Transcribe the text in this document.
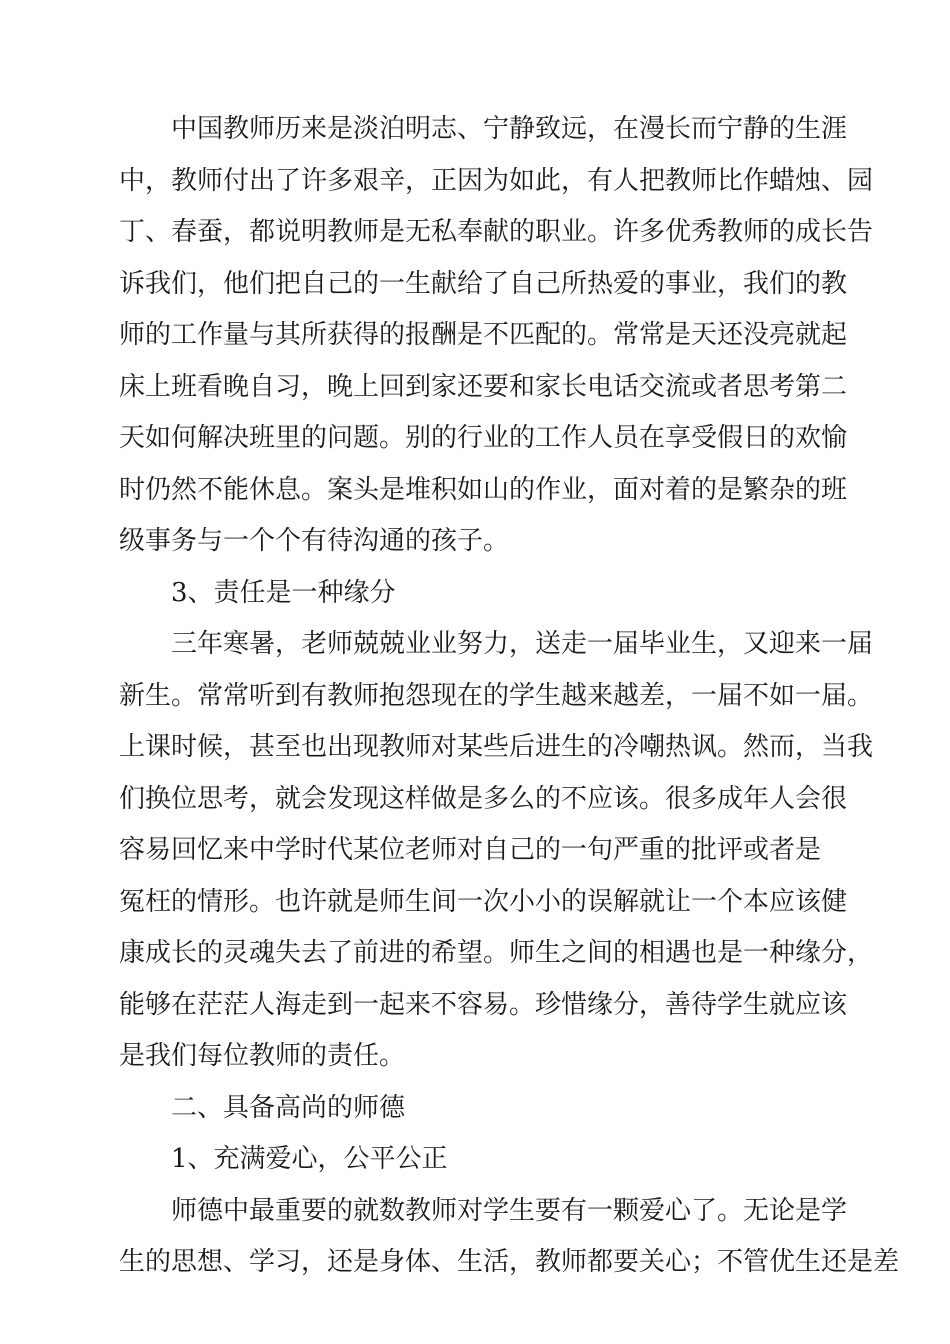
中国教师历来是淡泊明志、宁静致远，在漫长而宁静的生涯
中，教师付出了许多艰辛，正因为如此，有人把教师比作蜡烛、园
丁、春蚕，都说明教师是无私奉献的职业。许多优秀教师的成长告
诉我们，他们把自己的一生献给了自己所热爱的事业，我们的教
师的工作量与其所获得的报酬是不匹配的。常常是天还没亮就起
床上班看晚自习，晚上回到家还要和家长电话交流或者思考第二
天如何解决班里的问题。别的行业的工作人员在享受假日的欢愉
时仍然不能休息。案头是堆积如山的作业，面对着的是繁杂的班
级事务与一个个有待沟通的孩子。
3、责任是一种缘分
三年寒暑，老师兢兢业业努力，送走一届毕业生，又迎来一届
新生。常常听到有教师抱怨现在的学生越来越差，一届不如一届。
上课时候，甚至也出现教师对某些后进生的冷嘲热讽。然而，当我
们换位思考，就会发现这样做是多么的不应该。很多成年人会很
容易回忆来中学时代某位老师对自己的一句严重的批评或者是
冤枉的情形。也许就是师生间一次小小的误解就让一个本应该健
康成长的灵魂失去了前进的希望。师生之间的相遇也是一种缘分，
能够在茫茫人海走到一起来不容易。珍惜缘分，善待学生就应该
是我们每位教师的责任。
二、具备高尚的师德
1、充满爱心，公平公正
师德中最重要的就数教师对学生要有一颗爱心了。无论是学
生的思想、学习，还是身体、生活，教师都要关心；不管优生还是差
